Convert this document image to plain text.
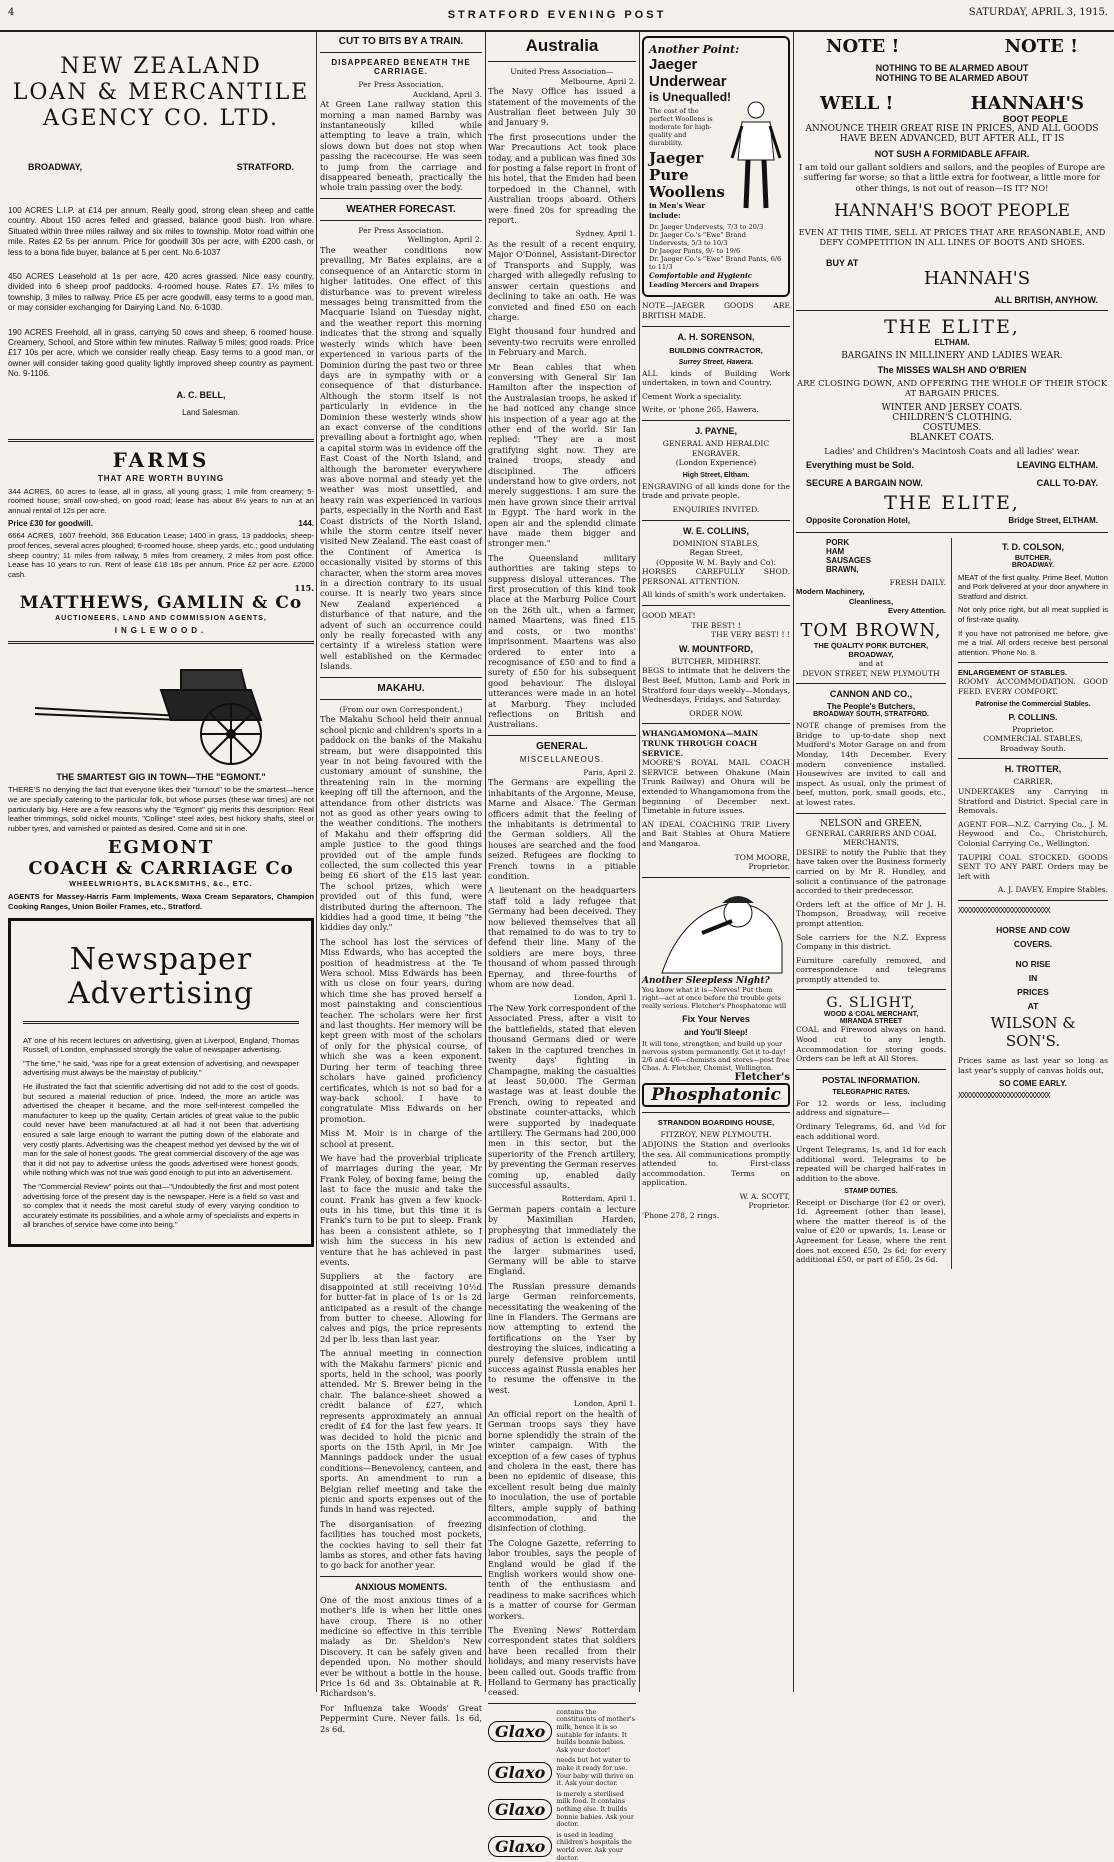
4	STRATFORD EVENING POST	SATURDAY, APRIL 3, 1915.
NEW ZEALAND
LOAN & MERCANTILE
AGENCY CO. LTD.
BROADWAY,	STRATFORD.

100 ACRES L.I.P. at £14 per annum. Really good, strong clean sheep and cattle country. About 150 acres felled and grassed, balance good bush. Iron whare. Situated within three miles railway and six miles to township. Motor road within one mile. Rates £2 5s per annum. Price for goodwill 30s per acre, with £200 cash, or less to a bona fide buyer, balance at 5 per cent. No.6-1037

450 ACRES Leasehold at 1s per acre, 420 acres grassed. Nice easy country, divided into 6 sheep proof paddocks. 4-roomed house. Rates £7. 1½ miles to township, 3 miles to railway. Price £5 per acre goodwill, easy terms to a good man, or may consider exchanging for Dairying Land. No. 6-1030.

190 ACRES Freehold, all in grass, carrying 50 cows and sheep, 6 roomed house. Creamery, School, and Store within few minutes. Railway 5 miles; good roads. Price £17 10s per acre, which we consider really cheap. Easy terms to a good man, or owner will consider taking good quality lightly improved sheep country as payment. No. 9-1106.

A. C. BELL,
Land Salesman.
FARMS
THAT ARE WORTH BUYING

344 ACRES, 60 acres to lease, all in grass, all young grass; 1 mile from creamery; 5-roomed house; small cow-shed, on good road; lease has about 8½ years to run at an annual rental of 12s per acre.

Price £30 for goodwill.	144.

6664 ACRES, 1607 freehold, 368 Education Lease; 1400 in grass, 13 paddocks, sheep-proof fences, several acres ploughed; 6-roomed house, sheep yards, etc.; good undulating sheep country; 11 miles from railway, 5 miles from creamery, 2 miles from post office. Lease has 10 years to run. Rent of lease £18 18s per annum. Price £2 per acre. £2000 cash.

115.
MATTHEWS, GAMLIN & Co
AUCTIONEERS, LAND AND COMMISSION AGENTS,
INGLEWOOD.
THE SMARTEST GIG IN TOWN—THE "EGMONT."

THERE'S no denying the fact that everyone likes their "turnout" to be the smartest—hence we are specially catering to the particular folk, but whose purses (these war times) are not particularly big. Here are a few reasons why the "Egmont" gig merits this description: Real leather trimmings, solid nickel mounts, "Collinge" steel axles, best hickory shafts, steel or rubber tyres, and varnished or painted as desired. Come and sit in one.

EGMONT
COACH & CARRIAGE Co
WHEELWRIGHTS, BLACKSMITHS, &c., ETC.

AGENTS for Massey-Harris Farm Implements, Waxa Cream Separators, Champion Cooking Ranges, Union Boiler Frames, etc., Stratford.

Newspaper
Advertising

AT one of his recent lectures on advertising, given at Liverpool, England, Thomas Russell, of London, emphasised strongly the value of newspaper advertising.

"The time," he said, "was ripe for a great extension of advertising, and newspaper advertising must always be the mainstay of publicity."

He illustrated the fact that scientific advertising did not add to the cost of goods, but secured a material reduction of price. Indeed, the more an article was advertised the cheaper it became, and the more self-interest compelled the manufacturer to keep up the quality. Certain articles of great value to the public could never have been manufactured at all had it not been that advertising ensured a sale large enough to warrant the putting down of the elaborate and very costly plants. Advertising was the cheapest method yet devised by the wit of man for the sale of honest goods. The great commercial discovery of the age was that it did not pay to advertise unless the goods advertised were honest goods, while nothing which was not true was good enough to put into an advertisement.

The "Commercial Review" points out that—"Undoubtedly the first and most potent advertising force of the present day is the newspaper. Here is a field so vast and so complex that it needs the most careful study of every varying condition to accurately estimate its possibilities, and a whole army of specialists and experts in all branches of service have come into being."

CUT TO BITS BY A TRAIN.
DISAPPEARED BENEATH THE CARRIAGE.
Per Press Association.
Auckland, April 3.

At Green Lane railway station this morning a man named Barnby was instantaneously killed while attempting to leave a train, which slows down but does not stop when passing the racecourse. He was seen to jump from the carriage and disappeared beneath, practically the whole train passing over the body.

WEATHER FORECAST.
Per Press Association.
Wellington, April 2.

The weather conditions now prevailing, Mr Bates explains, are a consequence of an Antarctic storm in higher latitudes. One effect of this disturbance was to prevent wireless messages being transmitted from the Macquarie Island on Tuesday night, and the weather report this morning indicates that the strong and squally westerly winds which have been experienced in various parts of the Dominion during the past two or three days are in sympathy with or a consequence of that disturbance. Although the storm itself is not particularly in evidence in the Dominion these westerly winds show an exact converse of the conditions prevailing about a fortnight ago, when a capital storm was in evidence off the East Coast of the North Island, and although the barometer everywhere was above normal and steady yet the weather was most unsettled, and heavy rain was experienced in various parts, especially in the North and East Coast districts of the North Island, while the storm centre itself never visited New Zealand. The east coast of the Continent of America is occasionally visited by storms of this character, when the storm area moves in a direction contrary to its usual course. It is nearly two years since New Zealand experienced a disturbance of that nature, and the advent of such an occurrence could only be really forecasted with any certainty if a wireless station were well established on the Kermadec Islands.

MAKAHU.
(From our own Correspondent.)

The Makahu School held their annual school picnic and children's sports in a paddock on the banks of the Makahu stream, but were disappointed this year in not being favoured with the customary amount of sunshine, the threatening rain in the morning keeping off till the afternoon, and the attendance from other districts was not as good as other years owing to the weather conditions. The mothers of Makahu and their offspring did ample justice to the good things provided out of the ample funds collected, the sum collected this year being £6 short of the £15 last year. The school prizes, which were provided out of this fund, were distributed during the afternoon. The kiddies had a good time, it being "the kiddies day only."

The school has lost the services of Miss Edwards, who has accepted the position of headmistress at the Te Wera school. Miss Edwards has been with us close on four years, during which time she has proved herself a most painstaking and conscientious teacher. The scholars were her first and last thoughts. Her memory will be kept green with most of the scholars of only for the physical course, of which she was a keen exponent. During her term of teaching three scholars have gained proficiency certificates, which is not so bad for a way-back school. I have to congratulate Miss Edwards on her promotion.

Miss M. Moir is in charge of the school at present.

We have had the proverbial triplicate of marriages during the year, Mr Frank Foley, of boxing fame, being the last to face the music and take the count. Frank has given a few knock-outs in his time, but this time it is Frank's turn to be put to sleep. Frank has been a consistent athlete, so I wish him the success in his new venture that he has achieved in past events.

Suppliers at the factory are disappointed at still receiving 10½d for butter-fat in place of 1s or 1s 2d anticipated as a result of the change from butter to cheese. Allowing for calves and pigs, the price represents 2d per lb. less than last year.

The annual meeting in connection with the Makahu farmers' picnic and sports, held in the school, was poorly attended. Mr S. Brewer being in the chair. The balance-sheet showed a credit balance of £27, which represents approximately an annual credit of £4 for the last few years. It was decided to hold the picnic and sports on the 15th April, in Mr Joe Mannings paddock under the usual conditions—Benevolency, canteen, and sports. An amendment to run a Belgian relief meeting and take the picnic and sports expenses out of the funds in hand was rejected.

The disorganisation of freezing facilities has touched most pockets, the cockies having to sell their fat lambs as stores, and other fats having to go back for another year.

ANXIOUS MOMENTS.

One of the most anxious times of a mother's life is when her little ones have croup. There is no other medicine so effective in this terrible malady as Dr. Sheldon's New Discovery. It can be safely given and depended upon. No mother should ever be without a bottle in the house. Price 1s 6d and 3s. Obtainable at R. Richardson's.

For Influenza take Woods' Great Peppermint Cure. Never fails. 1s 6d, 2s 6d.

Australia
United Press Association—
Melbourne, April 2.

The Navy Office has issued a statement of the movements of the Australian fleet between July 30 and January 9.

The first prosecutions under the War Precautions Act took place today, and a publican was fined 30s for posting a false report in front of his hotel, that the Emden had been torpedoed in the Channel, with Australian troops aboard. Others were fined 20s for spreading the report.

Sydney, April 1.

As the result of a recent enquiry, Major O'Donnel, Assistant-Director of Transports and Supply, was charged with allegedly refusing to answer certain questions and declining to take an oath. He was convicted and fined £50 on each charge.

Eight thousand four hundred and seventy-two recruits were enrolled in February and March.

Mr Bean cables that when conversing with General Sir Ian Hamilton after the inspection of the Australasian troops, he asked if he had noticed any change since his inspection of a year ago at the other end of the world. Sir Ian replied: "They are a most gratifying sight now. They are trained troops, steady and disciplined. The officers understand how to give orders, not merely suggestions. I am sure the men have grown since their arrival in Egypt. The hard work in the open air and the splendid climate have made them bigger and stronger men."

The Queensland military authorities are taking steps to suppress disloyal utterances. The first prosecution of this kind took place at the Marburg Police Court on the 26th ult., when a farmer, named Maartens, was fined £15 and costs, or two months' imprisonment. Maartens was also ordered to enter into a recognisance of £50 and to find a surety of £50 for his subsequent good behaviour. The disloyal utterances were made in an hotel at Marburg. They included reflections on British and Australians.

GENERAL.
MISCELLANEOUS.
Paris, April 2.

The Germans are expelling the inhabitants of the Argonne, Meuse, Marne and Alsace. The German officers admit that the feeling of the inhabitants is detrimental to the German soldiers. All the houses are searched and the food seized. Refugees are flocking to French towns in a pitiable condition.

A lieutenant on the headquarters staff told a lady refugee that Germany had been deceived. They now believed themselves that all that remained to do was to try to defend their line. Many of the soldiers are mere boys, three thousand of whom passed through Epernay, and three-fourths of whom are now dead.

London, April 1.

The New York correspondent of the Associated Press, after a visit to the battlefields, stated that eleven thousand Germans died or were taken in the captured trenches in twenty days' fighting in Champagne, making the casualties at least 50,000. The German wastage was at least double the French, owing to repeated and obstinate counter-attacks, which were supported by inadequate artillery. The Germans had 200,000 men in this sector, but the superiority of the French artillery, by preventing the German reserves coming up, enabled daily successful assaults.

Rotterdam, April 1.

German papers contain a lecture by Maximilian Harden, prophesying that immediately the radius of action is extended and the larger submarines used, Germany will be able to starve England.

The Russian pressure demands large German reinforcements, necessitating the weakening of the line in Flanders. The Germans are now attempting to extend the fortifications on the Yser by destroying the sluices, indicating a purely defensive problem until success against Russia enables her to resume the offensive in the west.

London, April 1.

An official report on the health of German troops says they have borne splendidly the strain of the winter campaign. With the exception of a few cases of typhus and cholera in the east, there has been no epidemic of disease, this excellent result being due mainly to inoculation, the use of portable filters, ample supply of bathing accommodation, and the disinfection of clothing.

The Cologne Gazette, referring to labor troubles, says the people of England would be glad if the English workers would show one-tenth of the enthusiasm and readiness to make sacrifices which is a matter of course for German workers.

The Evening News' Rotterdam correspondent states that soldiers have been recalled from their holidays, and many reservists have been called out. Goods traffic from Holland to Germany has practically ceased.

Glaxo
contains the constituents of mother's milk, hence it is so suitable for infants. It builds bonnie babies. Ask your doctor!
Glaxo
needs but hot water to make it ready for use. Your baby will thrive on it. Ask your doctor.
Glaxo
is merely a sterilised milk food. It contains nothing else. It builds bonnie babies. Ask your doctor.
Glaxo
is used in leading children's hospitals the world over. Ask your doctor.
Another Point:
Jaeger Underwear
is Unequalled!
The cost of the perfect Woollens is moderate for high-quality and durability.
Jaeger Pure Woollens
in Men's Wear include:
Dr. Jaeger Undervests, 7/3 to 20/3
Dr. Jaeger Co.'s "Ewe" Brand Undervests, 5/3 to 10/3
Dr Jaeger Pants, 9/- to 19/6
Dr. Jaeger Co.'s "Ewe" Brand Pants, 6/6 to 11/3
Comfortable and Hygienic
Leading Mercers and Drapers

NOTE—JAEGER GOODS ARE BRITISH MADE.

A. H. SORENSON,
BUILDING CONTRACTOR,
Surrey Street, Hawera.

ALL kinds of Building Work undertaken, in town and Country.

Cement Work a speciality.

Write, or 'phone 265, Hawera.

J. PAYNE,
GENERAL AND HERALDIC ENGRAVER.
(London Experience)
High Street, Eltham.

ENGRAVING of all kinds done for the trade and private people.

ENQUIRIES INVITED.
W. E. COLLINS,
DOMINION STABLES,
Regan Street,
(Opposite W. M. Bayly and Co).

HORSES CAREFULLY SHOD. PERSONAL ATTENTION.

All kinds of smith's work undertaken.

GOOD MEAT!
THE BEST! !
THE VERY BEST! ! !
W. MOUNTFORD,
BUTCHER, MIDHIRST.

BEGS to intimate that he delivers the Best Beef, Mutton, Lamb and Pork in Stratford four days weekly—Mondays, Wednesdays, Fridays, and Saturday.

ORDER NOW.
WHANGAMOMONA—MAIN TRUNK THROUGH COACH SERVICE.

MOORE'S ROYAL MAIL COACH SERVICE between Ohakune (Main Trunk Railway) and Ohura will be extended to Whangamomona from the beginning of December next. Timetable in future issues.

AN IDEAL COACHING TRIP. Livery and Bait Stables at Ohura Matiere and Mangaroa.

TOM MOORE,
Proprietor.
Another Sleepless Night?
You know what it is—Nerves! Put them right—act at once before the trouble gets really serious. Fletcher's Phosphatonic will
Fix Your Nerves
and You'll Sleep!
It will tone, strengthen, and build up your nervous system permanently. Get it to-day!
2/6 and 4/6—chemists and stores—post free Chas. A. Fletcher, Chemist, Wellington.
Fletcher's
Phosphatonic
STRANDON BOARDING HOUSE,
FITZROY, NEW PLYMOUTH.

ADJOINS the Station and overlooks the sea. All communications promptly attended to. First-class accommodation. Terms on application.

W. A. SCOTT,
Proprietor.
'Phone 278, 2 rings.
NOTE !	NOTE !
NOTHING TO BE ALARMED ABOUT
NOTHING TO BE ALARMED ABOUT
WELL !	HANNAH'S
BOOT PEOPLE

ANNOUNCE THEIR GREAT RISE IN PRICES, AND ALL GOODS HAVE BEEN ADVANCED, BUT AFTER ALL, IT IS

NOT SUSH A FORMIDABLE AFFAIR.

I am told our gallant soldiers and sailors, and the peoples of Europe are suffering far worse; so that a little extra for footwear, a little more for other things, is not out of reason—IS IT? NO!

HANNAH'S BOOT PEOPLE

EVEN AT THIS TIME, SELL AT PRICES THAT ARE REASONABLE, AND DEFY COMPETITION IN ALL LINES OF BOOTS AND SHOES.

BUY AT
HANNAH'S
ALL BRITISH, ANYHOW.
THE ELITE,
ELTHAM.
BARGAINS IN MILLINERY AND LADIES WEAR.
The MISSES WALSH AND O'BRIEN

ARE CLOSING DOWN, AND OFFERING THE WHOLE OF THEIR STOCK AT BARGAIN PRICES.

WINTER AND JERSEY COATS.
CHILDREN'S CLOTHING.
COSTUMES.
BLANKET COATS.
Ladies' and Children's Macintosh Coats and all ladies' wear.
Everything must be Sold.	LEAVING ELTHAM.
SECURE A BARGAIN NOW.	CALL TO-DAY.
THE ELITE,
Opposite Coronation Hotel,	Bridge Street, ELTHAM.
PORK
HAM
SAUSAGES
BRAWN,
FRESH DAILY.
Modern Machinery,
Cleanliness,
Every Attention.
TOM BROWN,
THE QUALITY PORK BUTCHER,
BROADWAY,
and at
DEVON STREET, NEW PLYMOUTH
CANNON AND CO.,
The People's Butchers,
BROADWAY SOUTH, STRATFORD.

NOTE change of premises from the Bridge to up-to-date shop next Mudford's Motor Garage on and from Monday, 14th December. Every modern convenience installed. Housewives are invited to call and inspect. As usual, only the primest of beef, mutton, pork, small goods, etc., at lowest rates.

NELSON and GREEN,
GENERAL CARRIERS AND COAL MERCHANTS,

DESIRE to notify the Public that they have taken over the Business formerly carried on by Mr R. Hundley, and solicit a continuance of the patronage accorded to their predecessor.

Orders left at the office of Mr J. H. Thompson, Broadway, will receive prompt attention.

Sole carriers for the N.Z. Express Company in this district.

Furniture carefully removed, and correspondence and telegrams promptly attended to.

G. SLIGHT,
WOOD & COAL MERCHANT,
MIRANDA STREET

COAL and Firewood always on hand. Wood cut to any length. Accommodation for storing goods. Orders can be left at All Stores.

POSTAL INFORMATION.
TELEGRAPHIC RATES.

For 12 words or less, including address and signature—

Ordinary Telegrams, 6d, and ½d for each additional word.

Urgent Telegrams, 1s, and 1d for each additional word. Telegrams to be repeated will be charged half-rates in addition to the above.

STAMP DUTIES.

Receipt or Discharge (for £2 or over), 1d. Agreement (other than lease), where the matter thereof is of the value of £20 or upwards, 1s. Lease or Agreement for Lease, where the rent does not exceed £50, 2s 6d; for every additional £50, or part of £50, 2s 6d.

T. D. COLSON,
BUTCHER,
BROADWAY.

MEAT of the first quality. Prime Beef, Mutton and Pork delivered at your door anywhere in Stratford and district.

Not only price right, but all meat supplied is of first-rate quality.

If you have not patronised me before, give me a trial. All orders receive best personal attention. 'Phone No. 8.

ENLARGEMENT OF STABLES.

ROOMY ACCOMMODATION. GOOD FEED. EVERY COMFORT.

Patronise the Commercial Stables.
P. COLLINS.
Proprietor.
COMMERCIAL STABLES,
Broadway South.
H. TROTTER,
CARRIER,

UNDERTAKES any Carrying in Stratford and District. Special care in Removals.

AGENT FOR—N.Z. Carrying Co., J. M. Heywood and Co., Christchurch, Colonial Carrying Co., Wellington.

TAUPIRI COAL STOCKED. GOODS SENT TO ANY PART. Orders may be left with

A. J. DAVEY, Empire Stables.
XXXXXXXXXXXXXXXXXXXXXXXX
HORSE AND COW
COVERS.
NO RISE
IN
PRICES
AT
WILSON &
SON'S.

Prices same as last year so long as last year's supply of canvas holds out,

SO COME EARLY.
XXXXXXXXXXXXXXXXXXXXXXXX
